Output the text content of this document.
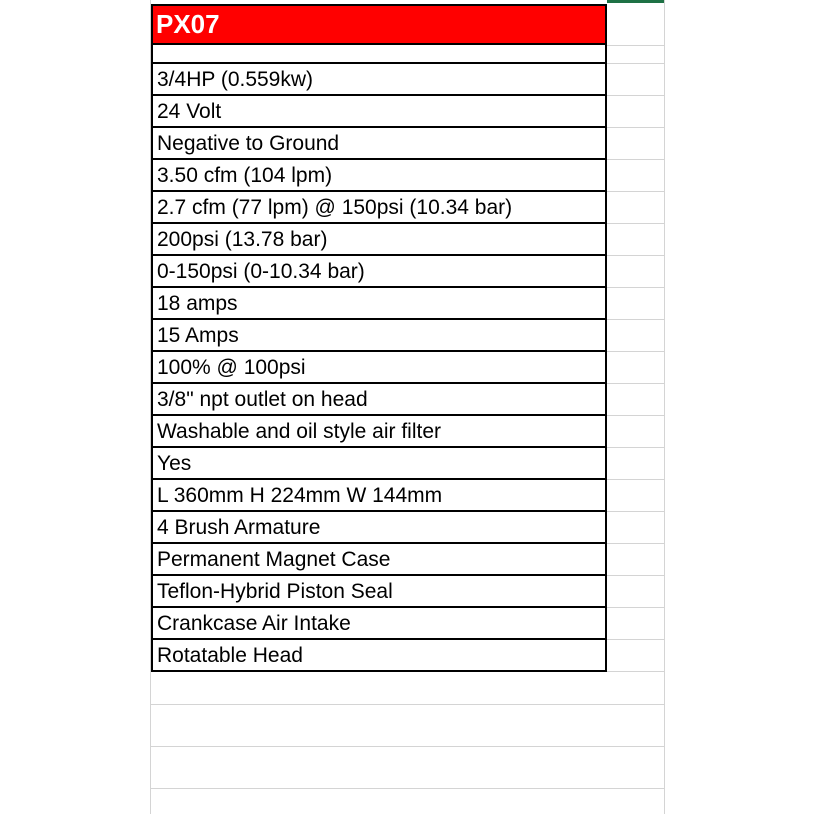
PX07
3/4HP (0.559kw)
24 Volt
Negative to Ground
3.50 cfm (104 lpm)
2.7 cfm (77 lpm) @ 150psi (10.34 bar)
200psi (13.78 bar)
0-150psi (0-10.34 bar)
18 amps
15 Amps
100% @ 100psi
3/8" npt outlet on head
Washable and oil style air filter
Yes
L 360mm H 224mm W 144mm
4 Brush Armature
Permanent Magnet Case
Teflon-Hybrid Piston Seal
Crankcase Air Intake
Rotatable Head
